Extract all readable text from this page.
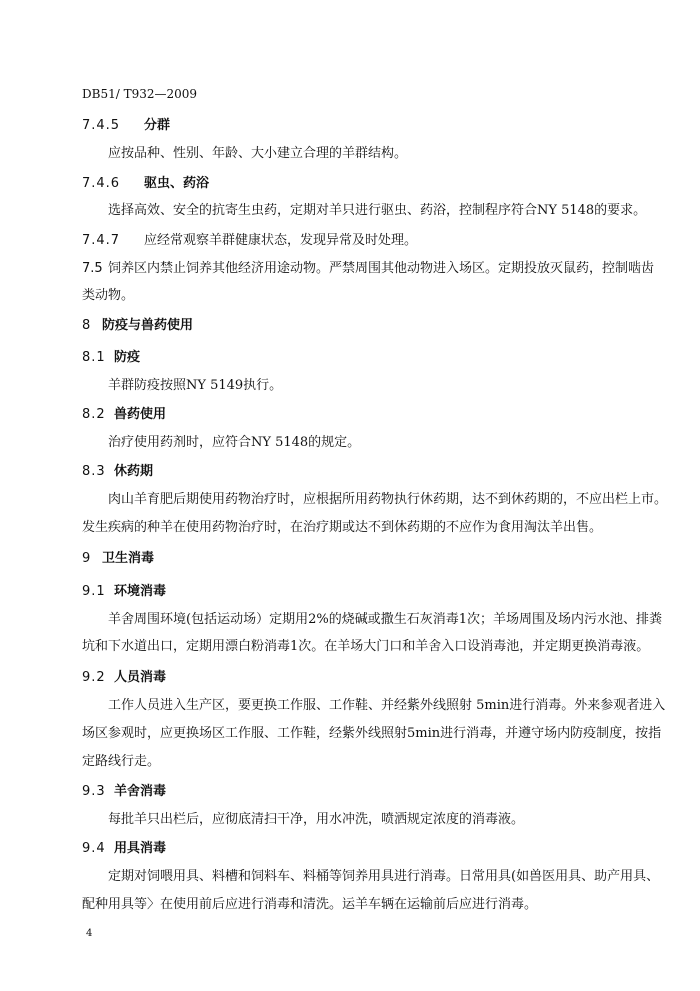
DB51/ T932—2009
7.4.5 分群
应按品种、性别、年龄、大小建立合理的羊群结构。
7.4.6 驱虫、药浴
选择高效、安全的抗寄生虫药，定期对羊只进行驱虫、药浴，控制程序符合NY 5148的要求。
7.4.7 应经常观察羊群健康状态，发现异常及时处理。
7.5 饲养区内禁止饲养其他经济用途动物。严禁周围其他动物进入场区。定期投放灭鼠药，控制啮齿
类动物。
8 防疫与兽药使用
8.1 防疫
羊群防疫按照NY 5149执行。
8.2 兽药使用
治疗使用药剂时，应符合NY 5148的规定。
8.3 休药期
肉山羊育肥后期使用药物治疗时，应根据所用药物执行休药期，达不到休药期的，不应出栏上市。
发生疾病的种羊在使用药物治疗时，在治疗期或达不到休药期的不应作为食用淘汰羊出售。
9 卫生消毒
9.1 环境消毒
羊舍周围环境(包括运动场）定期用2%的烧碱或撒生石灰消毒1次；羊场周围及场内污水池、排粪
坑和下水道出口，定期用漂白粉消毒1次。在羊场大门口和羊舍入口设消毒池，并定期更换消毒液。
9.2 人员消毒
工作人员进入生产区，要更换工作服、工作鞋、并经紫外线照射 5min进行消毒。外来参观者进入
场区参观时，应更换场区工作服、工作鞋，经紫外线照射5min进行消毒，并遵守场内防疫制度，按指
定路线行走。
9.3 羊舍消毒
每批羊只出栏后，应彻底清扫干净，用水冲洗，喷洒规定浓度的消毒液。
9.4 用具消毒
定期对饲喂用具、料槽和饲料车、料桶等饲养用具进行消毒。日常用具(如兽医用具、助产用具、
配种用具等〉在使用前后应进行消毒和清洗。运羊车辆在运输前后应进行消毒。
4
